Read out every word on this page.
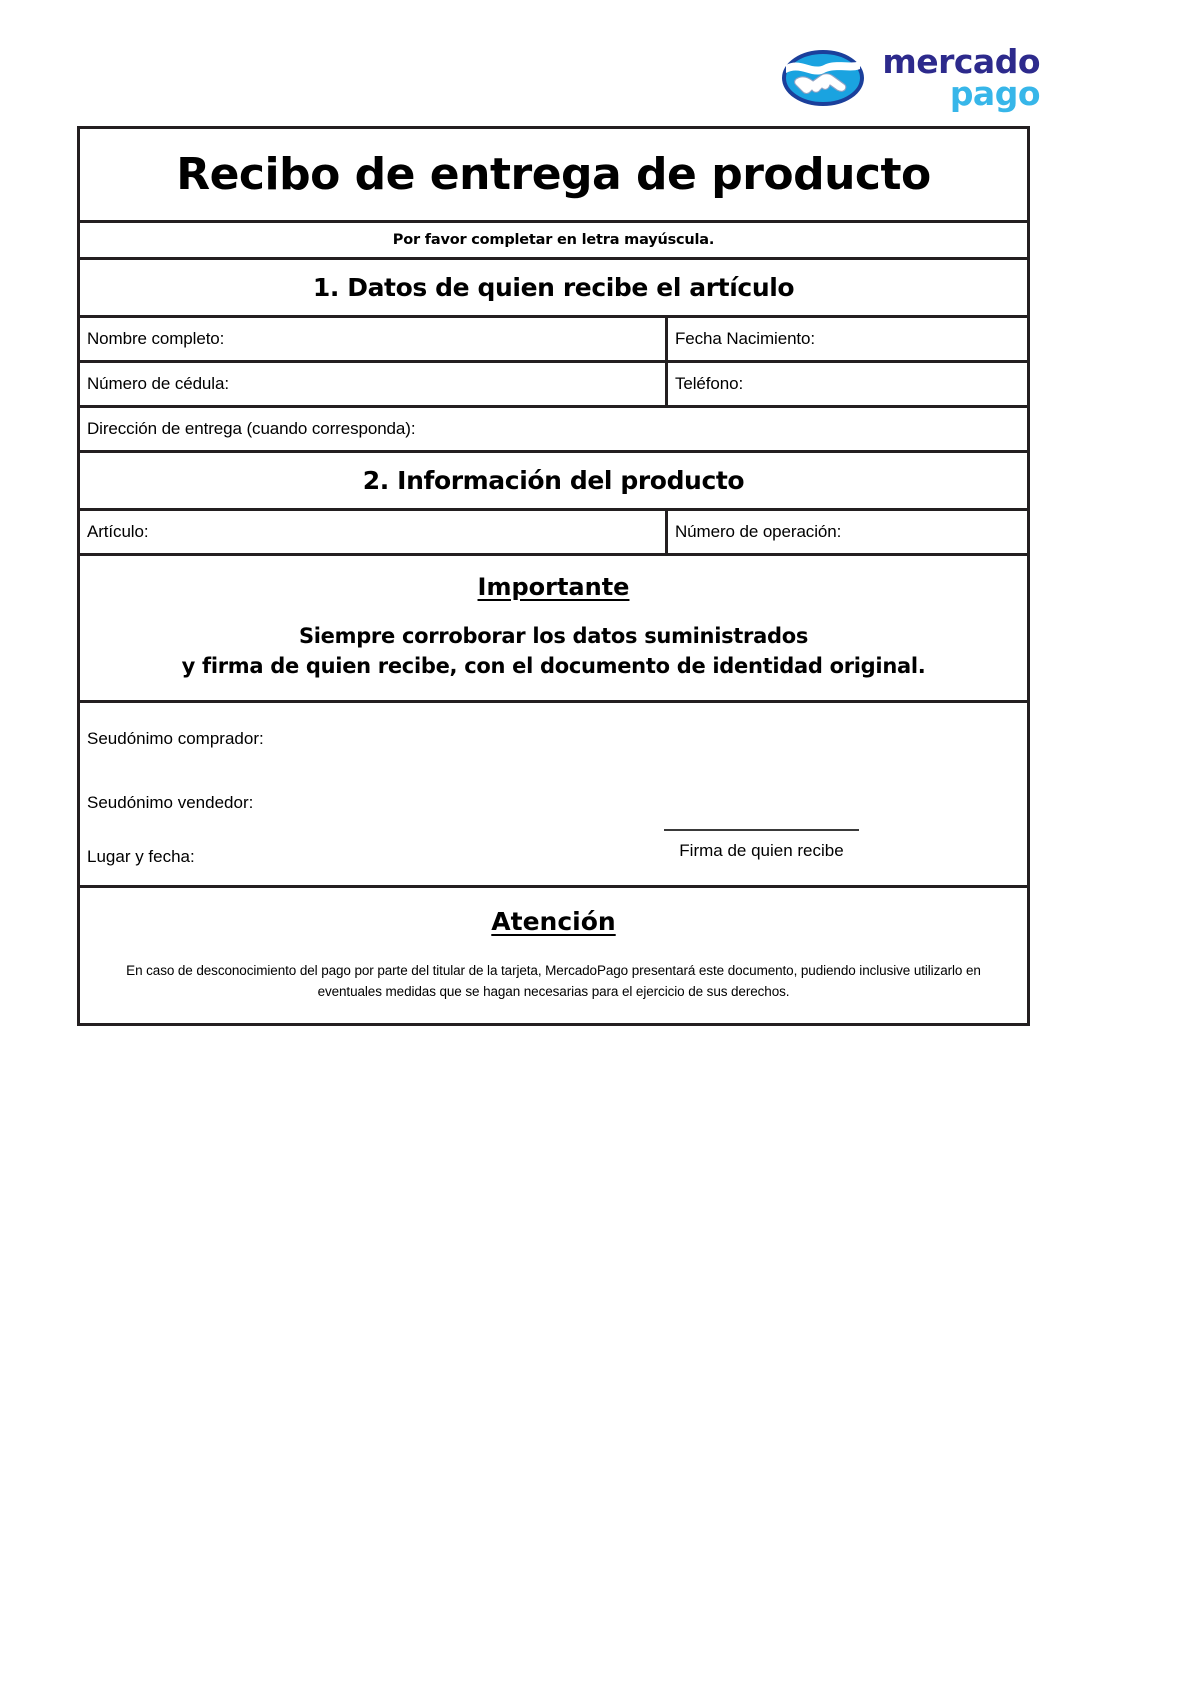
mercado
pago
Recibo de entrega de producto
Por favor completar en letra mayúscula.
1. Datos de quien recibe el artículo
Nombre completo:	Fecha Nacimiento:
Número de cédula:	Teléfono:
Dirección de entrega (cuando corresponda):
2. Información del producto
Artículo:	Número de operación:
Importante
Siempre corroborar los datos suministrados
y firma de quien recibe, con el documento de identidad original.
Seudónimo comprador:
Seudónimo vendedor:
Lugar y fecha:	Firma de quien recibe
Atención
En caso de desconocimiento del pago por parte del titular de la tarjeta, MercadoPago presentará este documento, pudiendo inclusive utilizarlo en eventuales medidas que se hagan necesarias para el ejercicio de sus derechos.
